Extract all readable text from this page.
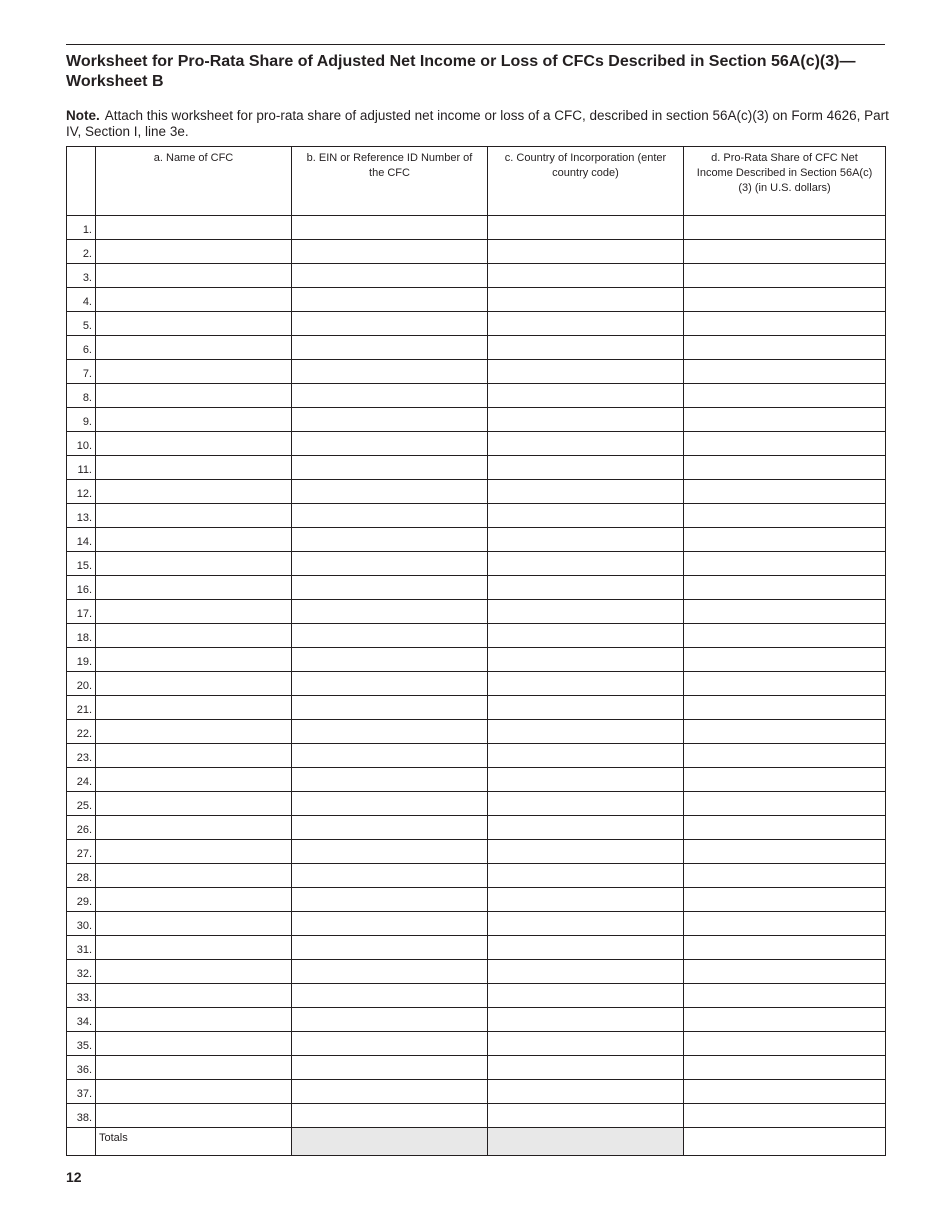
Worksheet for Pro-Rata Share of Adjusted Net Income or Loss of CFCs Described in Section 56A(c)(3)—Worksheet B

Note. Attach this worksheet for pro-rata share of adjusted net income or loss of a CFC, described in section 56A(c)(3) on Form 4626, Part IV, Section I, line 3e.

	a. Name of CFC	b. EIN or Reference ID Number of the CFC	c. Country of Incorporation (enter country code)	d. Pro-Rata Share of CFC Net Income Described in Section 56A(c)(3) (in U.S. dollars)
1.				
2.				
3.				
4.				
5.				
6.				
7.				
8.				
9.				
10.				
11.				
12.				
13.				
14.				
15.				
16.				
17.				
18.				
19.				
20.				
21.				
22.				
23.				
24.				
25.				
26.				
27.				
28.				
29.				
30.				
31.				
32.				
33.				
34.				
35.				
36.				
37.				
38.				
	Totals			

12
